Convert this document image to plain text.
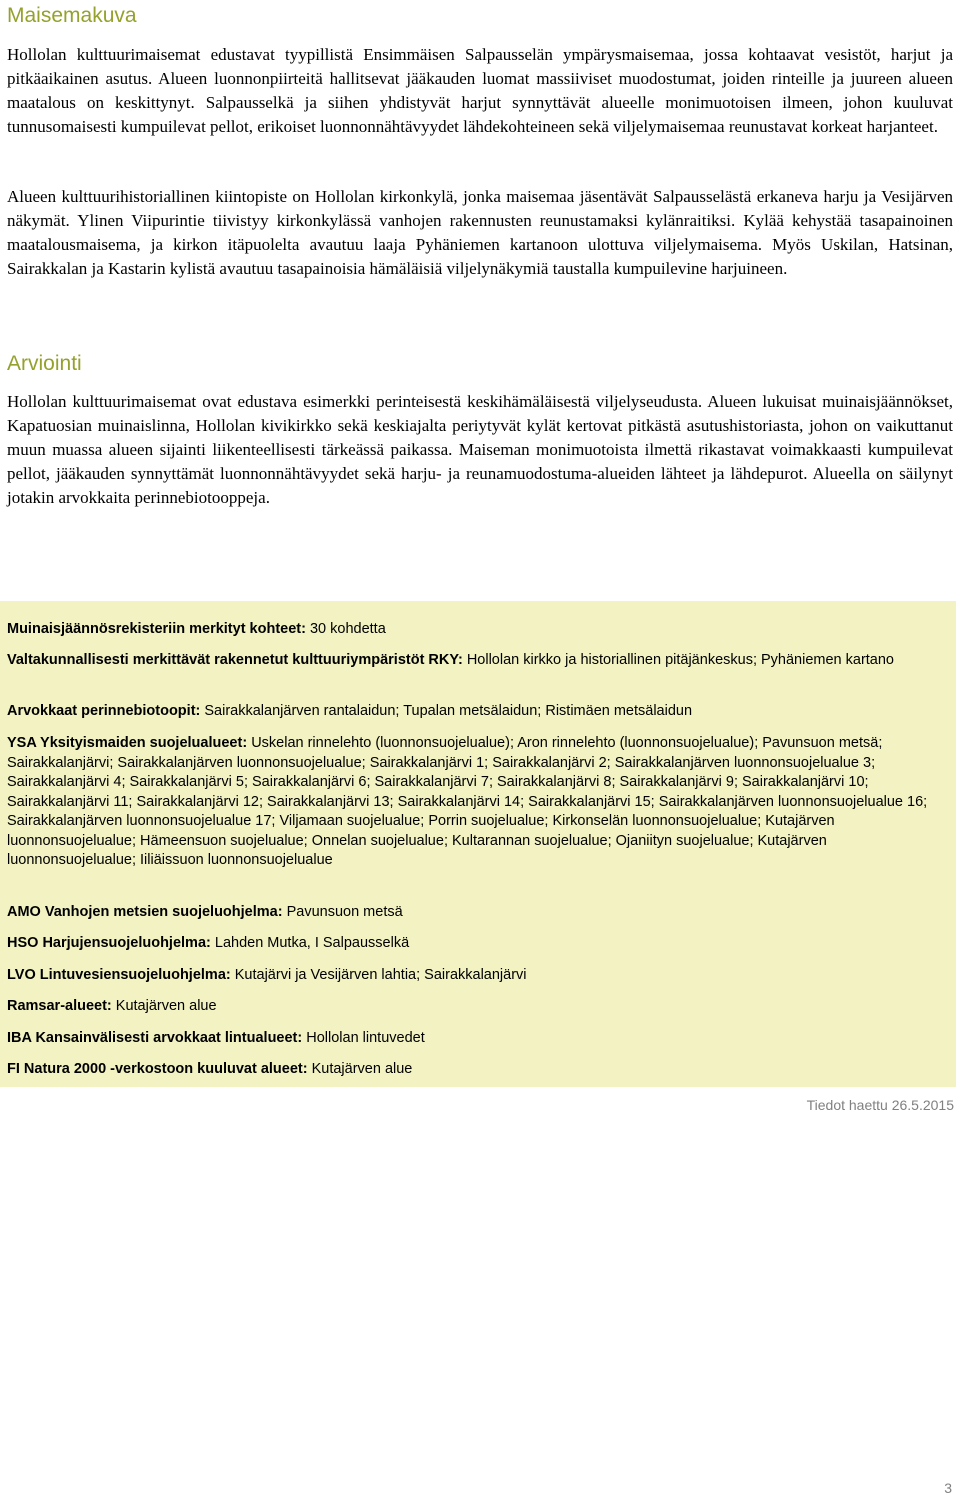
Maisemakuva

Hollolan kulttuurimaisemat edustavat tyypillistä Ensimmäisen Salpausselän ympärysmaisemaa, jossa kohtaavat vesistöt, harjut ja pitkäaikainen asutus. Alueen luonnonpiirteitä hallitsevat jääkauden luomat massiiviset muodostumat, joiden rinteille ja juureen alueen maatalous on keskittynyt. Salpausselkä ja siihen yhdistyvät harjut synnyttävät alueelle monimuotoisen ilmeen, johon kuuluvat tunnusomaisesti kumpuilevat pellot, erikoiset luonnonnähtävyydet lähdekohteineen sekä viljelymaisemaa reunustavat korkeat harjanteet.

Alueen kulttuurihistoriallinen kiintopiste on Hollolan kirkonkylä, jonka maisemaa jäsentävät Salpausselästä erkaneva harju ja Vesijärven näkymät. Ylinen Viipurintie tiivistyy kirkonkylässä vanhojen rakennusten reunustamaksi kylänraitiksi. Kylää kehystää tasapainoinen maatalousmaisema, ja kirkon itäpuolelta avautuu laaja Pyhäniemen kartanoon ulottuva viljelymaisema. Myös Uskilan, Hatsinan, Sairakkalan ja Kastarin kylistä avautuu tasapainoisia hämäläisiä viljelynäkymiä taustalla kumpuilevine harjuineen.

Arviointi

Hollolan kulttuurimaisemat ovat edustava esimerkki perinteisestä keskihämäläisestä viljelyseudusta. Alueen lukuisat muinaisjäännökset, Kapatuosian muinaislinna, Hollolan kivikirkko sekä keskiajalta periytyvät kylät kertovat pitkästä asutushistoriasta, johon on vaikuttanut muun muassa alueen sijainti liikenteellisesti tärkeässä paikassa. Maiseman monimuotoista ilmettä rikastavat voimakkaasti kumpuilevat pellot, jääkauden synnyttämät luonnonnähtävyydet sekä harju- ja reunamuodostuma-alueiden lähteet ja lähdepurot. Alueella on säilynyt jotakin arvokkaita perinnebiotooppeja.

Muinaisjäännösrekisteriin merkityt kohteet: 30 kohdetta

Valtakunnallisesti merkittävät rakennetut kulttuuriympäristöt RKY: Hollolan kirkko ja historiallinen pitäjänkeskus; Pyhäniemen kartano

Arvokkaat perinnebiotoopit: Sairakkalanjärven rantalaidun; Tupalan metsälaidun; Ristimäen metsälaidun

YSA Yksityismaiden suojelualueet: Uskelan rinnelehto (luonnonsuojelualue); Aron rinnelehto (luonnonsuojelualue); Pavunsuon metsä; Sairakkalanjärvi; Sairakkalanjärven luonnonsuojelualue; Sairakkalanjärvi 1; Sairakkalanjärvi 2; Sairakkalanjärven luonnonsuojelualue 3; Sairakkalanjärvi 4; Sairakkalanjärvi 5; Sairakkalanjärvi 6; Sairakkalanjärvi 7; Sairakkalanjärvi 8; Sairakkalanjärvi 9; Sairakkalanjärvi 10; Sairakkalanjärvi 11; Sairakkalanjärvi 12; Sairakkalanjärvi 13; Sairakkalanjärvi 14; Sairakkalanjärvi 15; Sairakkalanjärven luonnonsuojelualue 16; Sairakkalanjärven luonnonsuojelualue 17; Viljamaan suojelualue; Porrin suojelualue; Kirkonselän luonnonsuojelualue; Kutajärven luonnonsuojelualue; Hämeensuon suojelualue; Onnelan suojelualue; Kultarannan suojelualue; Ojaniityn suojelualue; Kutajärven luonnonsuojelualue; Iiliäissuon luonnonsuojelualue

AMO Vanhojen metsien suojeluohjelma: Pavunsuon metsä

HSO Harjujensuojeluohjelma: Lahden Mutka, I Salpausselkä

LVO Lintuvesiensuojeluohjelma: Kutajärvi ja Vesijärven lahtia; Sairakkalanjärvi

Ramsar-alueet: Kutajärven alue

IBA Kansainvälisesti arvokkaat lintualueet: Hollolan lintuvedet

FI Natura 2000 -verkostoon kuuluvat alueet: Kutajärven alue

Tiedot haettu 26.5.2015
3
